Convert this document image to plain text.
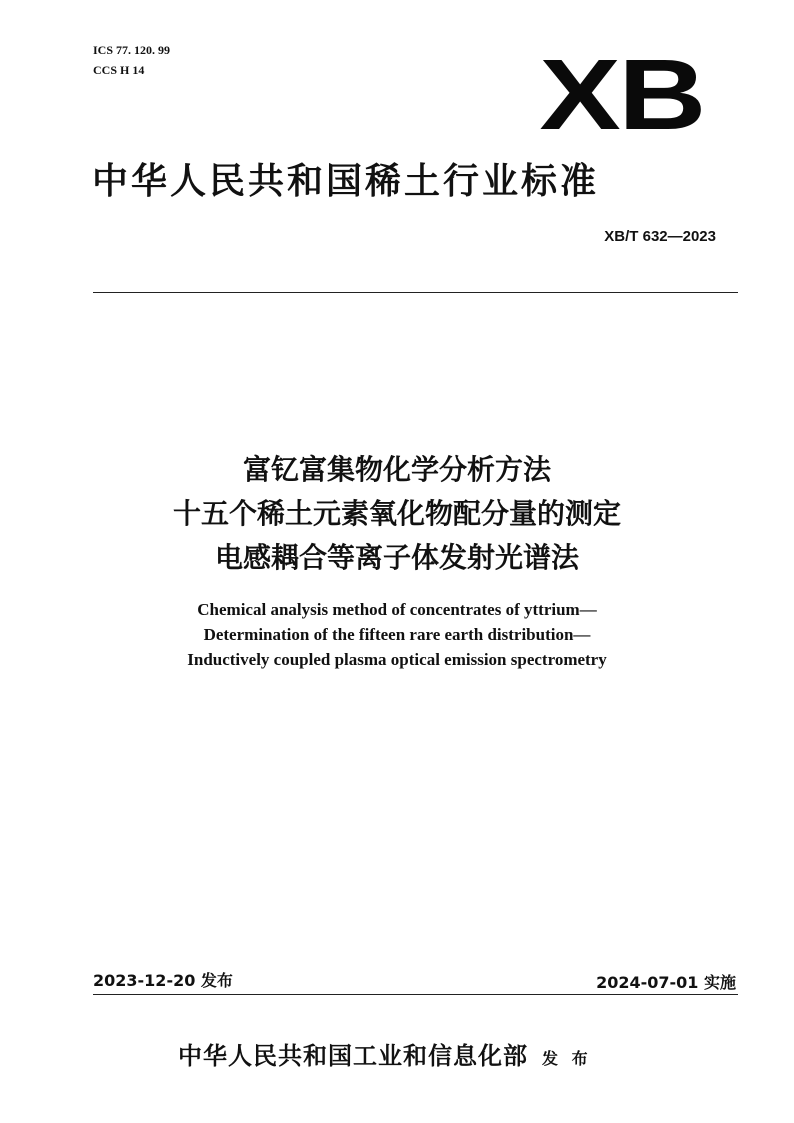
ICS 77. 120. 99
CCS H 14	XB
中华人民共和国稀土行业标准
XB/T 632—2023
富钇富集物化学分析方法
十五个稀土元素氧化物配分量的测定
电感耦合等离子体发射光谱法
Chemical analysis method of concentrates of yttrium—
Determination of the fifteen rare earth distribution—
Inductively coupled plasma optical emission spectrometry
2023-12-20 发布	2024-07-01 实施
中华人民共和国工业和信息化部 发 布
